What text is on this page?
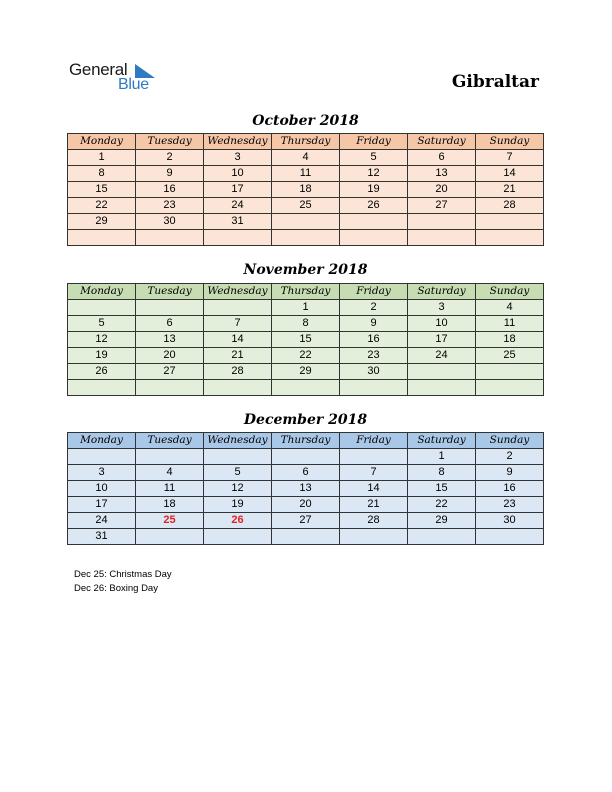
General
Blue	Gibraltar
October 2018
Monday	Tuesday	Wednesday	Thursday	Friday	Saturday	Sunday
1	2	3	4	5	6	7
8	9	10	11	12	13	14
15	16	17	18	19	20	21
22	23	24	25	26	27	28
29	30	31				

November 2018
Monday	Tuesday	Wednesday	Thursday	Friday	Saturday	Sunday
			1	2	3	4
5	6	7	8	9	10	11
12	13	14	15	16	17	18
19	20	21	22	23	24	25
26	27	28	29	30		

December 2018
Monday	Tuesday	Wednesday	Thursday	Friday	Saturday	Sunday
					1	2
3	4	5	6	7	8	9
10	11	12	13	14	15	16
17	18	19	20	21	22	23
24	25	26	27	28	29	30
31						
Dec 25: Christmas Day
Dec 26: Boxing Day
